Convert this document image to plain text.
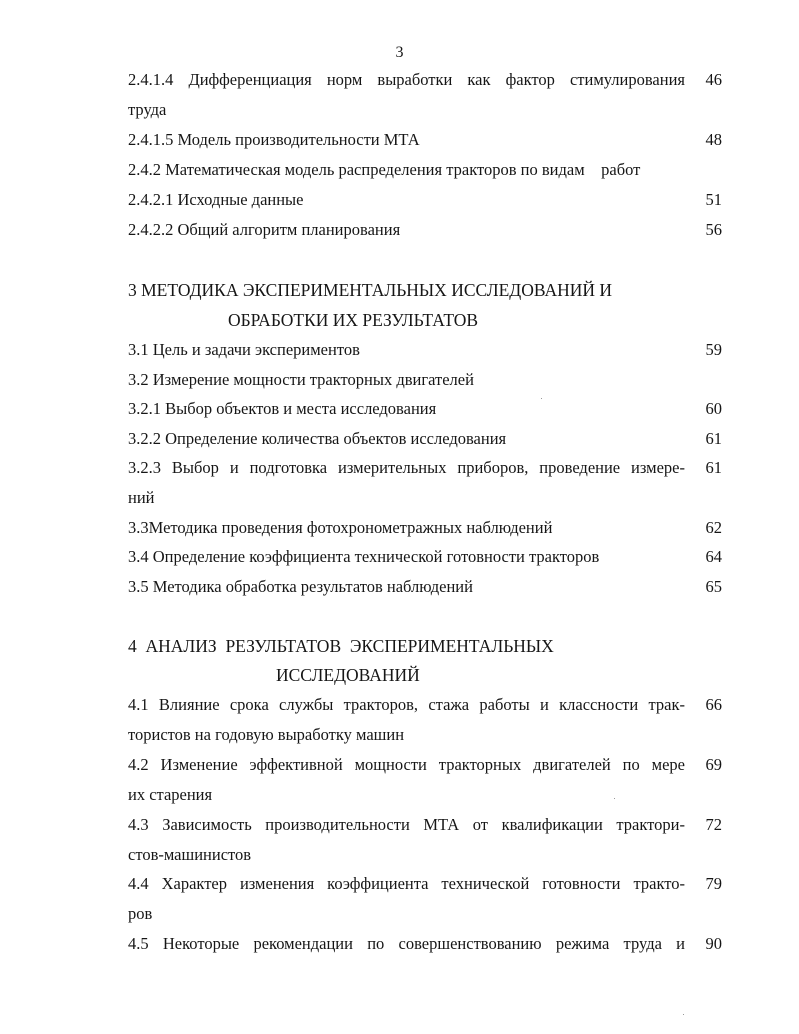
3
2.4.1.4 Дифференциация норм выработки как фактор стимулирования	46
труда
2.4.1.5 Модель производительности МТА	48
2.4.2 Математическая модель распределения тракторов по видам    работ
2.4.2.1 Исходные данные	51
2.4.2.2 Общий алгоритм планирования	56
3 МЕТОДИКА ЭКСПЕРИМЕНТАЛЬНЫХ ИССЛЕДОВАНИЙ И
ОБРАБОТКИ ИХ РЕЗУЛЬТАТОВ
3.1 Цель и задачи экспериментов	59
3.2 Измерение мощности тракторных двигателей
3.2.1 Выбор объектов и места исследования	60
3.2.2 Определение количества объектов исследования	61
3.2.3 Выбор и подготовка измерительных приборов, проведение измере-	61
ний
3.3Методика проведения фотохронометражных наблюдений	62
3.4 Определение коэффициента технической готовности тракторов	64
3.5 Методика обработка результатов наблюдений	65
4  АНАЛИЗ  РЕЗУЛЬТАТОВ  ЭКСПЕРИМЕНТАЛЬНЫХ
ИССЛЕДОВАНИЙ
4.1 Влияние срока службы тракторов, стажа работы и классности трак-	66
тористов на годовую выработку машин
4.2 Изменение эффективной мощности тракторных двигателей по мере	69
их старения
4.3 Зависимость производительности МТА от квалификации трактори-	72
стов-машинистов
4.4 Характер изменения коэффициента технической готовности тракто-	79
ров
4.5 Некоторые рекомендации по совершенствованию режима труда и	90
